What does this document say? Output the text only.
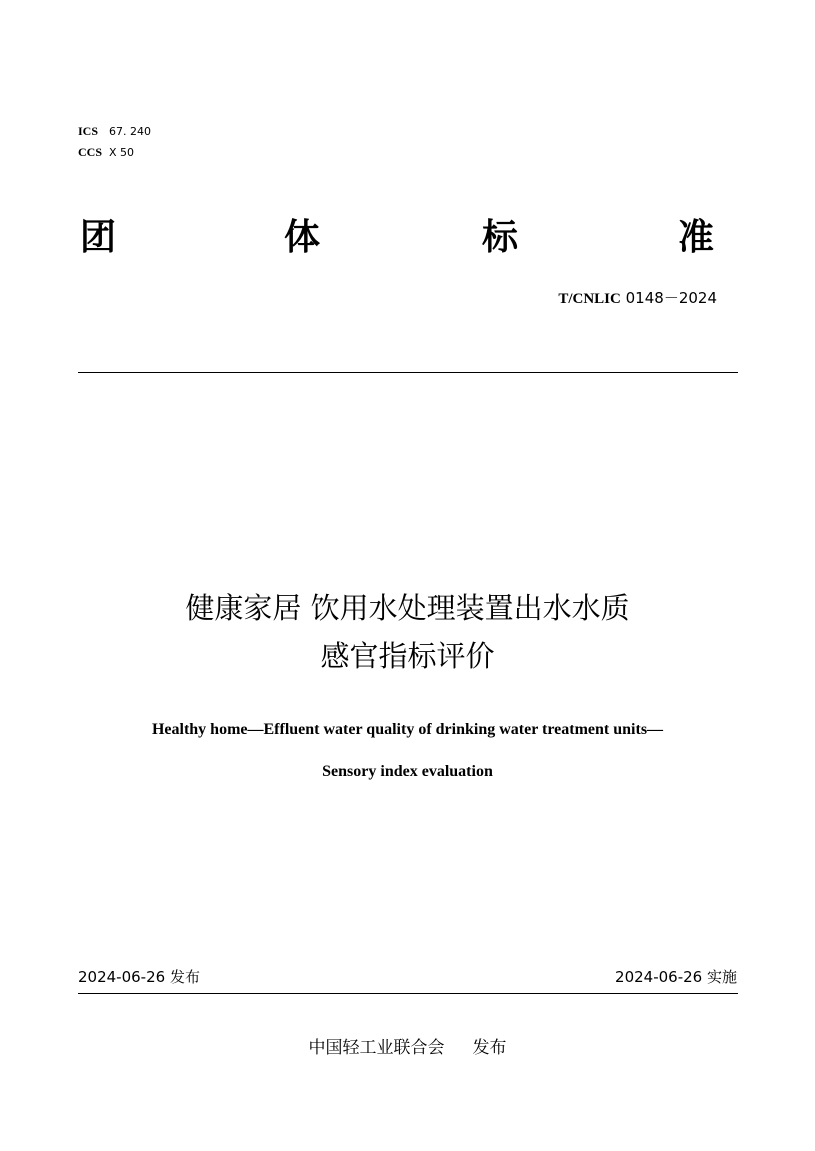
ICS 67. 240
CCS X 50
团	体	标	准
T/CNLIC 0148－2024
健康家居 饮用水处理装置出水水质
感官指标评价
Healthy home—Effluent water quality of drinking water treatment units—
Sensory index evaluation
2024-06-26 发布	2024-06-26 实施
中国轻工业联合会 发布
